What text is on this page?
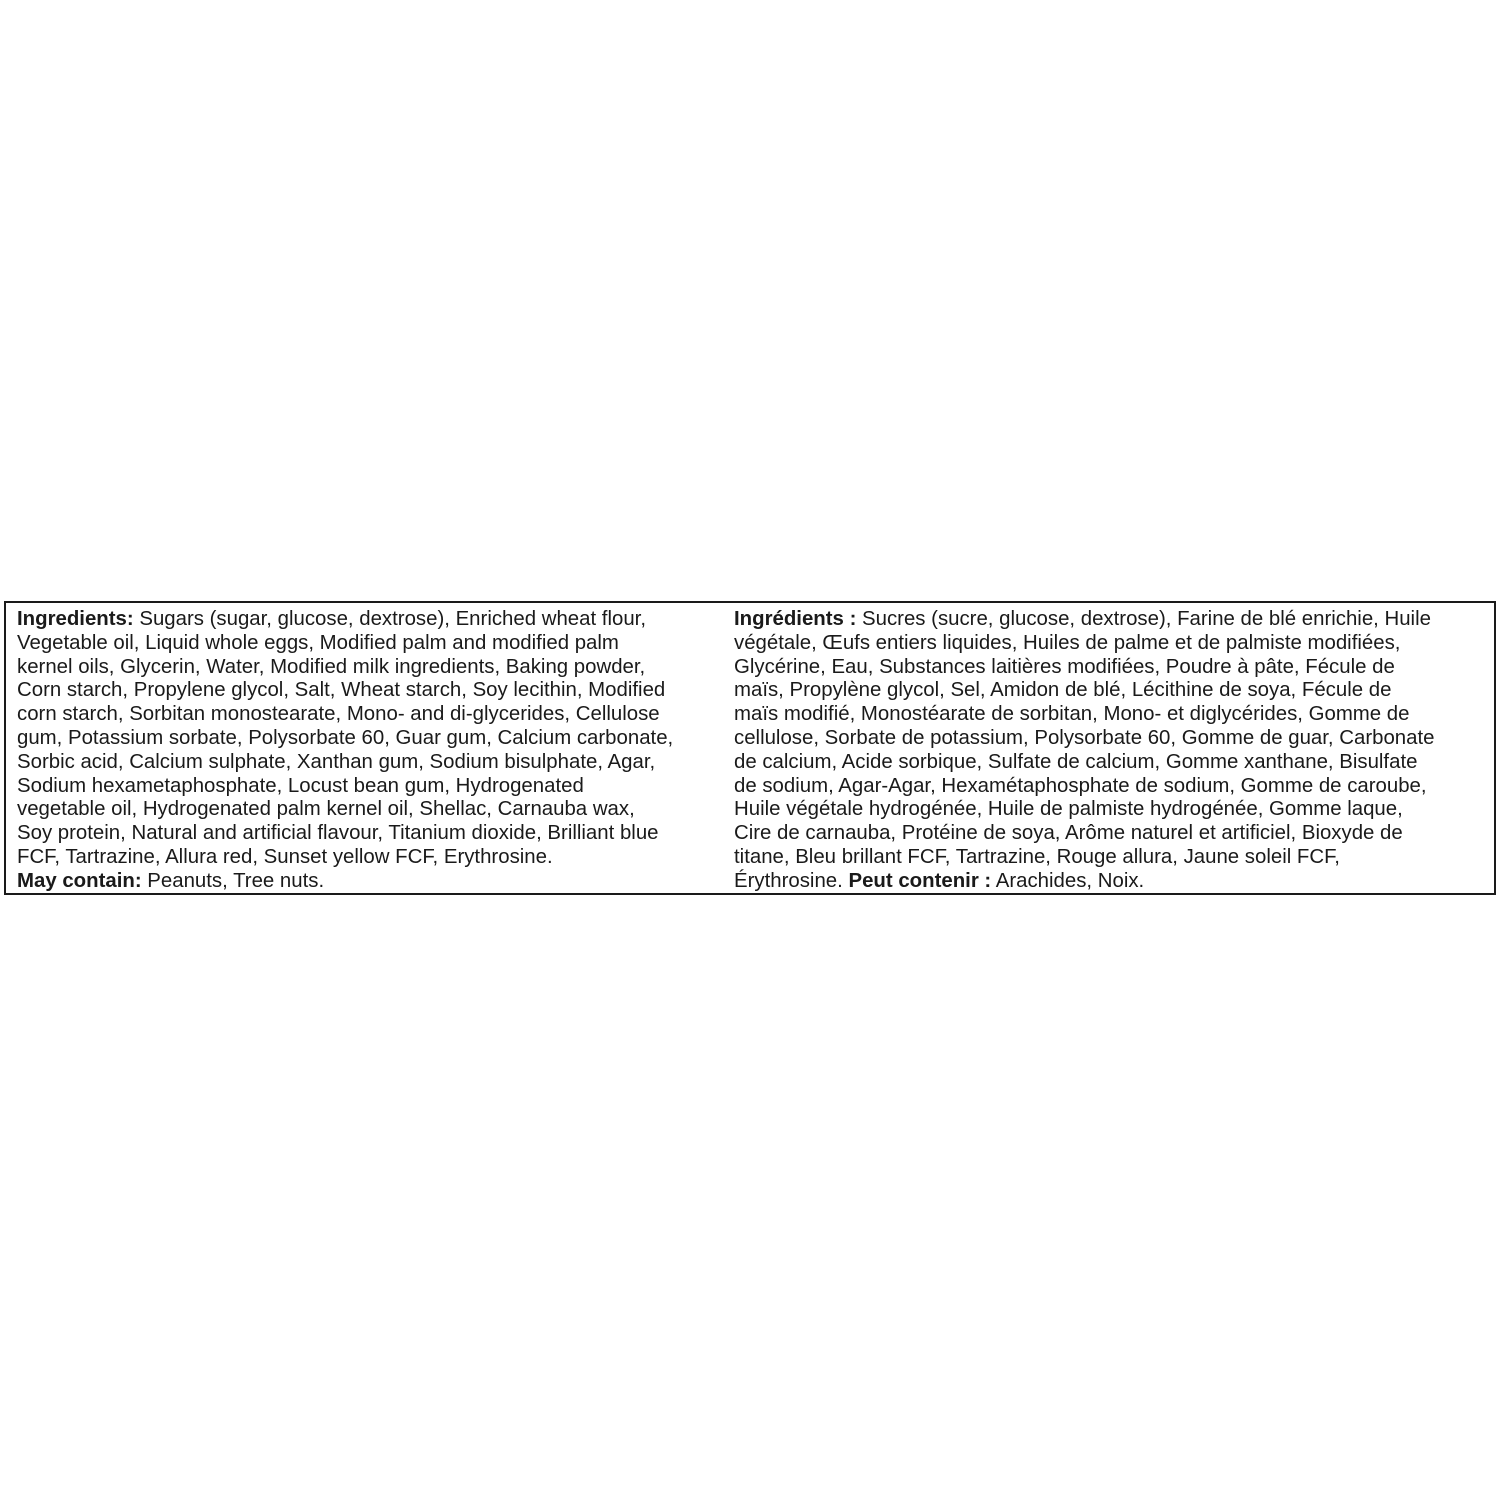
Ingredients: Sugars (sugar, glucose, dextrose), Enriched wheat flour,
Vegetable oil, Liquid whole eggs, Modified palm and modified palm
kernel oils, Glycerin, Water, Modified milk ingredients, Baking powder,
Corn starch, Propylene glycol, Salt, Wheat starch, Soy lecithin, Modified
corn starch, Sorbitan monostearate, Mono- and di-glycerides, Cellulose
gum, Potassium sorbate, Polysorbate 60, Guar gum, Calcium carbonate,
Sorbic acid, Calcium sulphate, Xanthan gum, Sodium bisulphate, Agar,
Sodium hexametaphosphate, Locust bean gum, Hydrogenated
vegetable oil, Hydrogenated palm kernel oil, Shellac, Carnauba wax,
Soy protein, Natural and artificial flavour, Titanium dioxide, Brilliant blue
FCF, Tartrazine, Allura red, Sunset yellow FCF, Erythrosine.
May contain: Peanuts, Tree nuts.
Ingrédients : Sucres (sucre, glucose, dextrose), Farine de blé enrichie, Huile
végétale, Œufs entiers liquides, Huiles de palme et de palmiste modifiées,
Glycérine, Eau, Substances laitières modifiées, Poudre à pâte, Fécule de
maïs, Propylène glycol, Sel, Amidon de blé, Lécithine de soya, Fécule de
maïs modifié, Monostéarate de sorbitan, Mono- et diglycérides, Gomme de
cellulose, Sorbate de potassium, Polysorbate 60, Gomme de guar, Carbonate
de calcium, Acide sorbique, Sulfate de calcium, Gomme xanthane, Bisulfate
de sodium, Agar-Agar, Hexamétaphosphate de sodium, Gomme de caroube,
Huile végétale hydrogénée, Huile de palmiste hydrogénée, Gomme laque,
Cire de carnauba, Protéine de soya, Arôme naturel et artificiel, Bioxyde de
titane, Bleu brillant FCF, Tartrazine, Rouge allura, Jaune soleil FCF,
Érythrosine. Peut contenir : Arachides, Noix.
